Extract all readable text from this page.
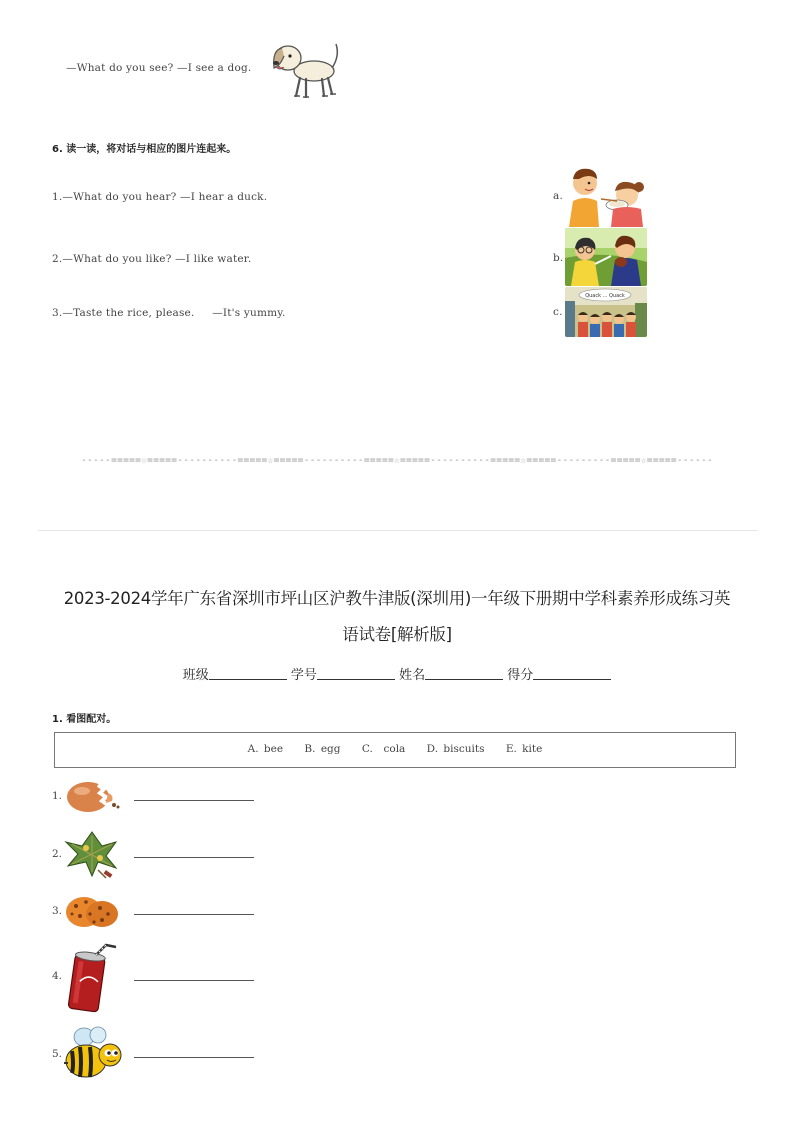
—What do you see? —I see a dog.
6. 读一读，将对话与相应的图片连起来。
1.—What do you hear? —I hear a duck.
2.—What do you like? —I like water.
3.—Taste the rice, please.     —It's yummy.
a.
b.
c.
Quack ... Quack
-----=====☆=====----------=====☆=====----------=====☆=====----------=====☆=====---------=====☆=====------
2023-2024学年广东省深圳市坪山区沪教牛津版(深圳用)一年级下册期中学科素养形成练习英
语试卷[解析版]
班级	学号	姓名	得分
1. 看图配对。
A. bee    B. egg    C.  cola    D. biscuits    E. kite
1.
2.
3.
4.
5.
